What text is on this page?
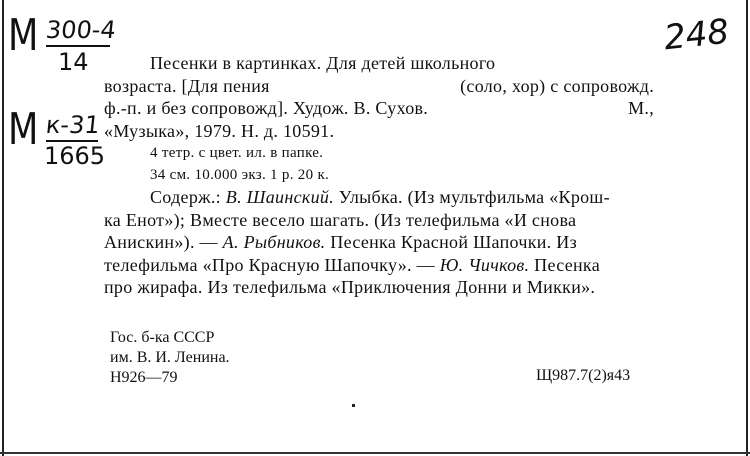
M 300-4
14
M к-31
1665
248
Песенки в картинках. Для детей школьного
возраста. [Для пения	(соло, хор) с сопровожд.
ф.-п. и без сопровожд]. Худож. В. Сухов.	М.,
«Музыка», 1979. Н. д. 10591.
4 тетр. с цвет. ил. в папке.
34 см. 10.000 экз. 1 р. 20 к.
Содерж.: В. Шаинский. Улыбка. (Из мультфильма «Крош-
ка Енот»); Вместе весело шагать. (Из телефильма «И снова
Анискин»). — А. Рыбников. Песенка Красной Шапочки. Из
телефильма «Про Красную Шапочку». — Ю. Чичков. Песенка
про жирафа. Из телефильма «Приключения Донни и Микки».
Гос. б-ка СССР
им. В. И. Ленина.
Н926—79	Щ987.7(2)я43
